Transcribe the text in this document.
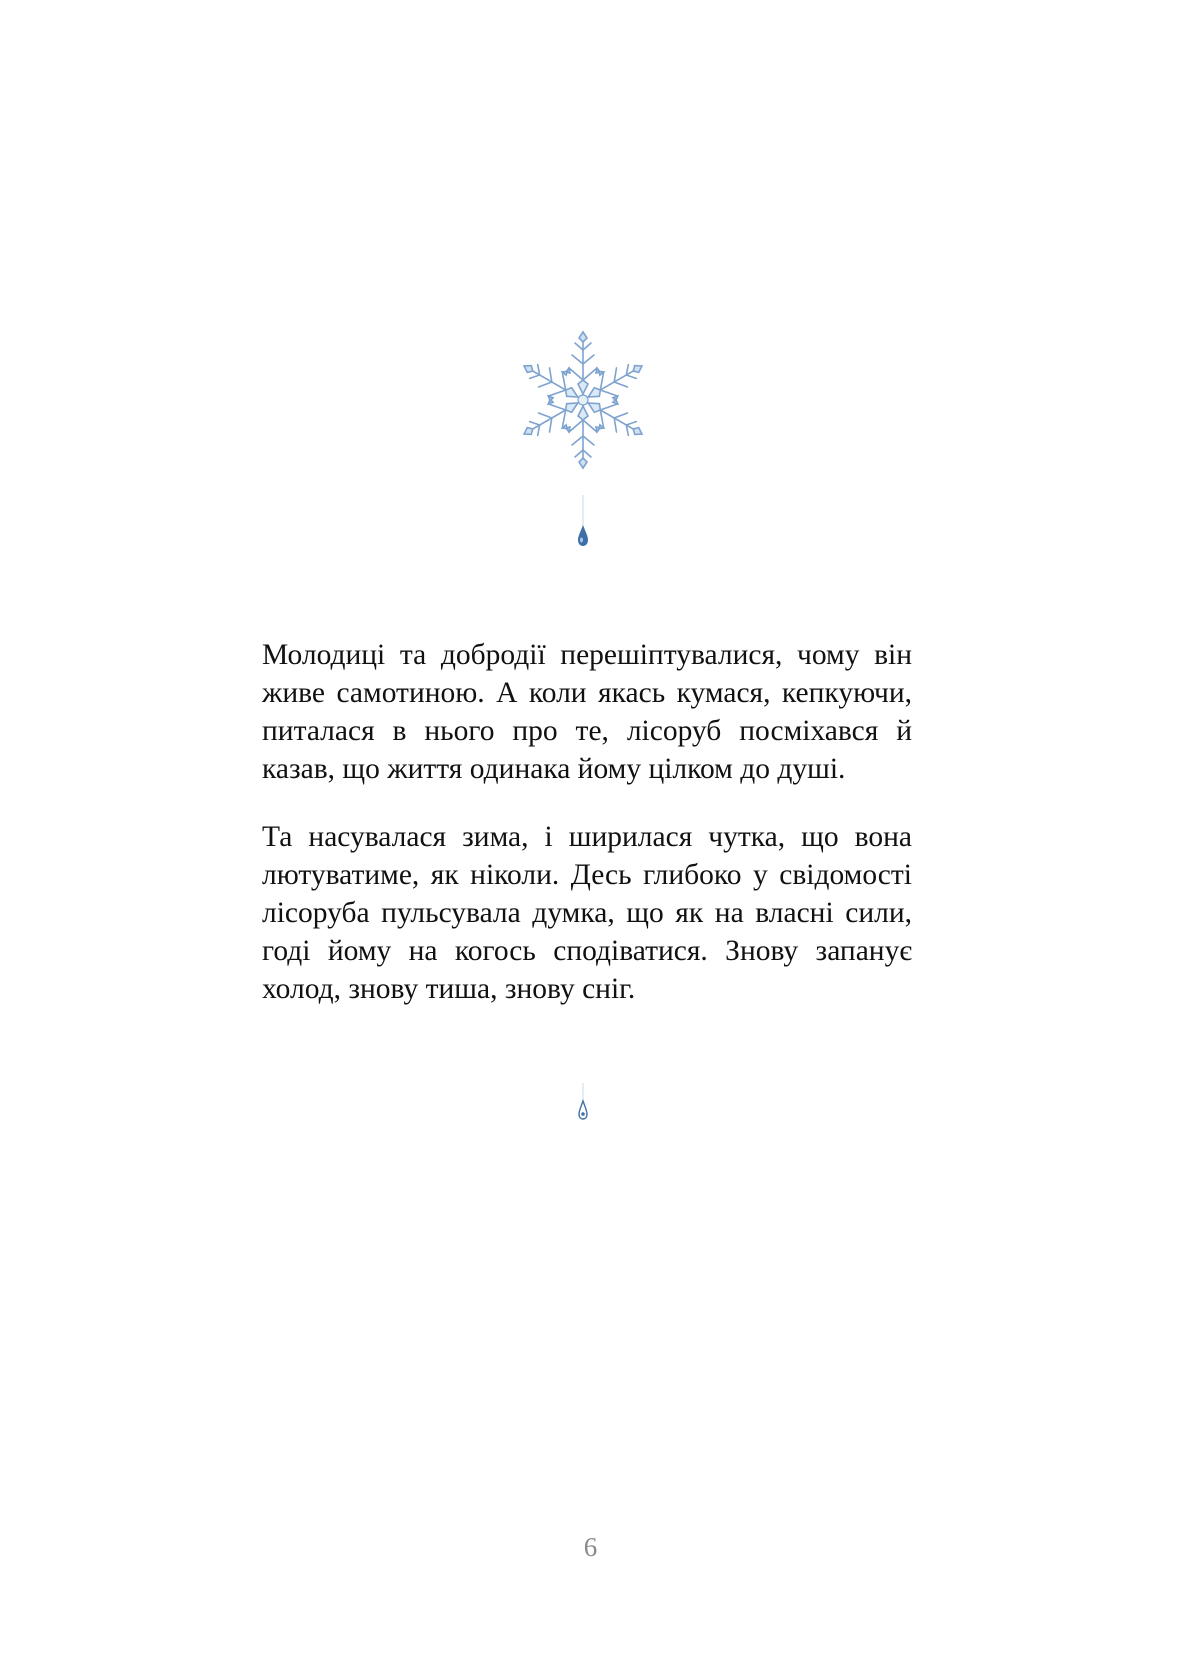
Молодиці та добродії перешіптувалися, чому він живе самотиною. А коли якась кумася, кепкуючи, питалася в нього про те, лісоруб посміхався й казав, що життя одинака йому цілком до душі.

Та насувалася зима, і ширилася чутка, що вона лютуватиме, як ніколи. Десь глибоко у свідомості лісоруба пульсувала думка, що як на власні сили, годі йому на когось сподіватися. Знову запанує холод, знову тиша, знову сніг.

6
